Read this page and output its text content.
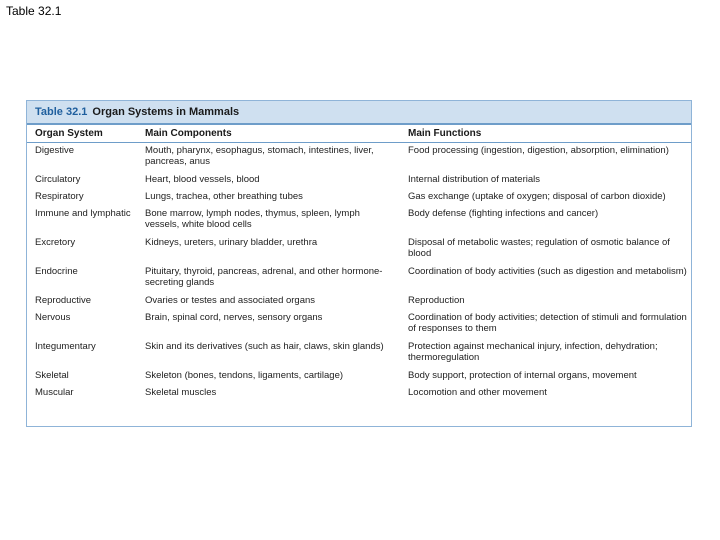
Table 32.1
Table 32.1 Organ Systems in Mammals
Organ System	Main Components	Main Functions
Digestive	Mouth, pharynx, esophagus, stomach, intestines, liver, pancreas, anus	Food processing (ingestion, digestion, absorption, elimination)
Circulatory	Heart, blood vessels, blood	Internal distribution of materials
Respiratory	Lungs, trachea, other breathing tubes	Gas exchange (uptake of oxygen; disposal of carbon dioxide)
Immune and lymphatic	Bone marrow, lymph nodes, thymus, spleen, lymph vessels, white blood cells	Body defense (fighting infections and cancer)
Excretory	Kidneys, ureters, urinary bladder, urethra	Disposal of metabolic wastes; regulation of osmotic balance of blood
Endocrine	Pituitary, thyroid, pancreas, adrenal, and other hormone-secreting glands	Coordination of body activities (such as digestion and metabolism)
Reproductive	Ovaries or testes and associated organs	Reproduction
Nervous	Brain, spinal cord, nerves, sensory organs	Coordination of body activities; detection of stimuli and formulation of responses to them
Integumentary	Skin and its derivatives (such as hair, claws, skin glands)	Protection against mechanical injury, infection, dehydration; thermoregulation
Skeletal	Skeleton (bones, tendons, ligaments, cartilage)	Body support, protection of internal organs, movement
Muscular	Skeletal muscles	Locomotion and other movement
